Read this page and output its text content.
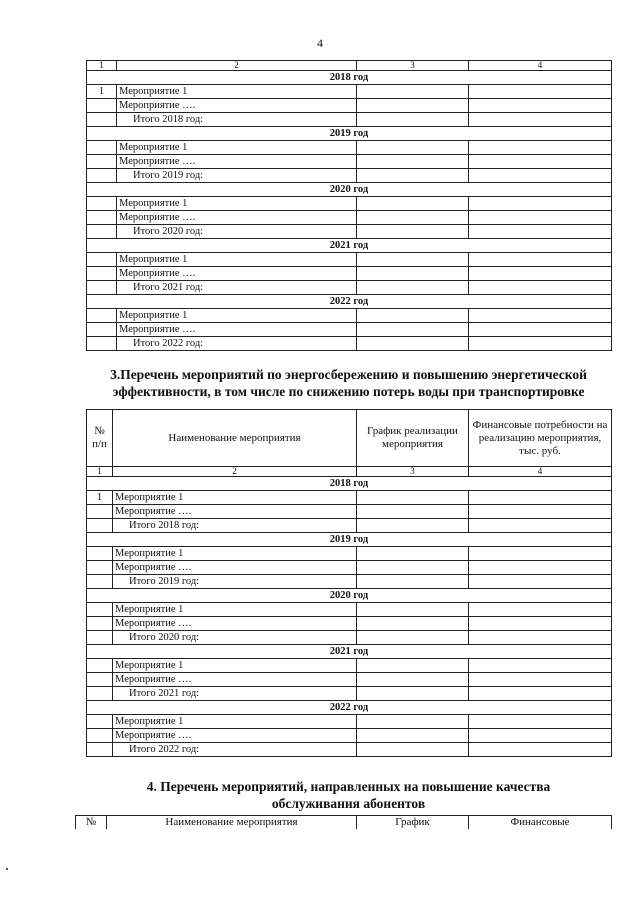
4
1	2	3	4
2018 год			
1	Мероприятие 1		
	Мероприятие ….		
	Итого 2018 год:		
2019 год			
	Мероприятие 1		
	Мероприятие ….		
	Итого 2019 год:		
2020 год			
	Мероприятие 1		
	Мероприятие ….		
	Итого 2020 год:		
2021 год			
	Мероприятие 1		
	Мероприятие ….		
	Итого 2021 год:		
2022 год			
	Мероприятие 1		
	Мероприятие ….		
	Итого 2022 год:		
3.Перечень мероприятий по энергосбережению и повышению энергетической
эффективности, в том числе по снижению потерь воды при транспортировке
№ п/п	Наименование мероприятия	График реализации мероприятия	Финансовые потребности на реализацию мероприятия, тыс. руб.
1	2	3	4
2018 год			
1	Мероприятие 1		
	Мероприятие ….		
	Итого 2018 год:		
2019 год			
	Мероприятие 1		
	Мероприятие ….		
	Итого 2019 год:		
2020 год			
	Мероприятие 1		
	Мероприятие ….		
	Итого 2020 год:		
2021 год			
	Мероприятие 1		
	Мероприятие ….		
	Итого 2021 год:		
2022 год			
	Мероприятие 1		
	Мероприятие ….		
	Итого 2022 год:		
4. Перечень мероприятий, направленных на повышение качества
обслуживания абонентов
№	Наименование мероприятия	График	Финансовые
